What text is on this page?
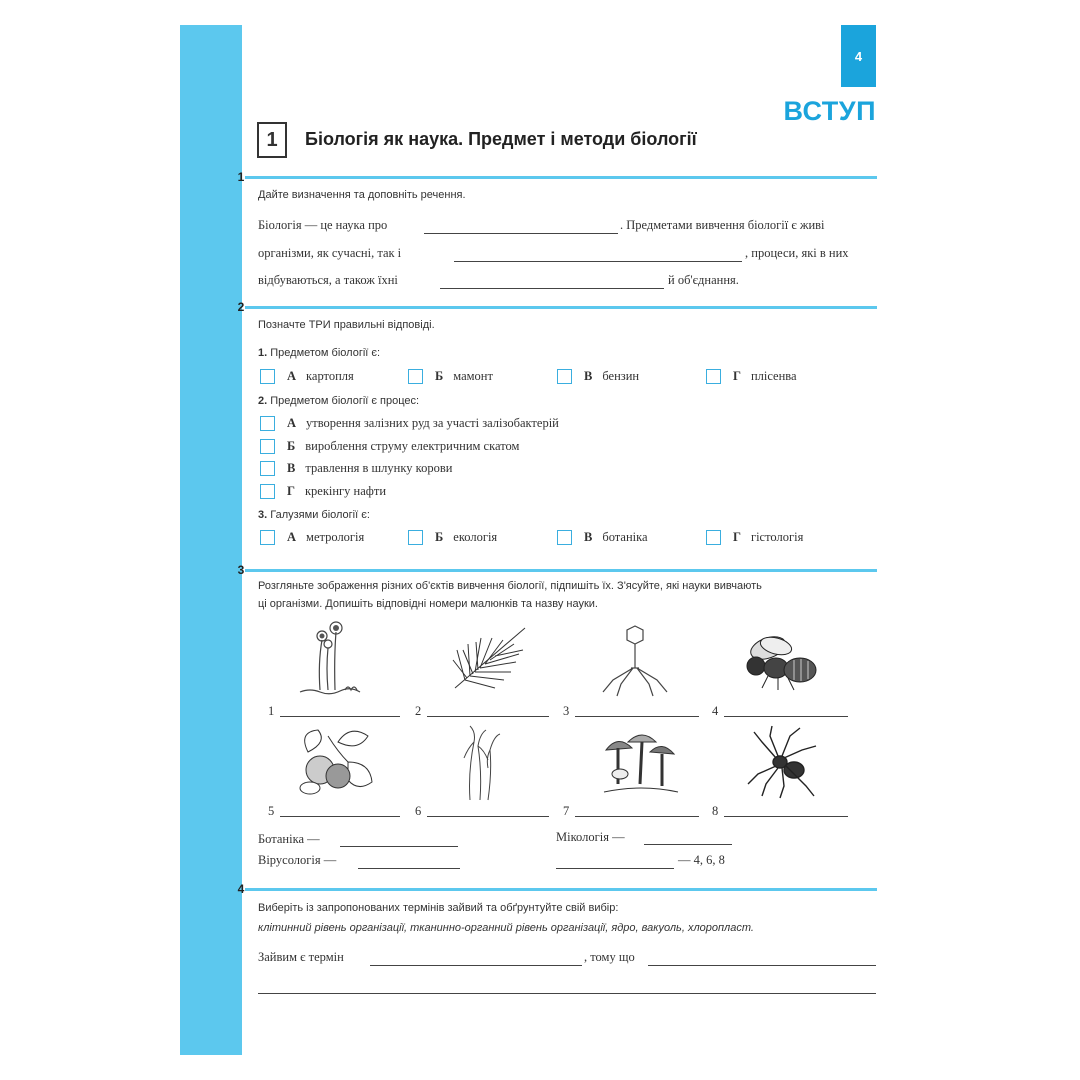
4
ВСТУП
1	Біологія як наука. Предмет і методи біології
1
Дайте визначення та доповніть речення.
Біологія — це наука про	. Предметами вивчення біології є живі
організми, як сучасні, так і	, процеси, які в них
відбуваються, а також їхні	й об'єднання.
2
Позначте ТРИ правильні відповіді.
1. Предметом біології є:
А картопля	Б мамонт	В бензин	Г плісенва
2. Предметом біології є процес:
А утворення залізних руд за участі залізобактерій
Б вироблення струму електричним скатом
В травлення в шлунку корови
Г крекінгу нафти
3. Галузями біології є:
А метрологія	Б екологія	В ботаніка	Г гістологія
3
Розгляньте зображення різних об'єктів вивчення біології, підпишіть їх. З'ясуйте, які науки вивчають
ці організми. Допишіть відповідні номери малюнків та назву науки.
1	2	3	4
5	6	7	8
Ботаніка —	Мікологія —
Вірусологія —	— 4, 6, 8
4
Виберіть із запропонованих термінів зайвий та обґрунтуйте свій вибір:
клітинний рівень організації, тканинно-органний рівень організації, ядро, вакуоль, хлоропласт.
Зайвим є термін	, тому що
